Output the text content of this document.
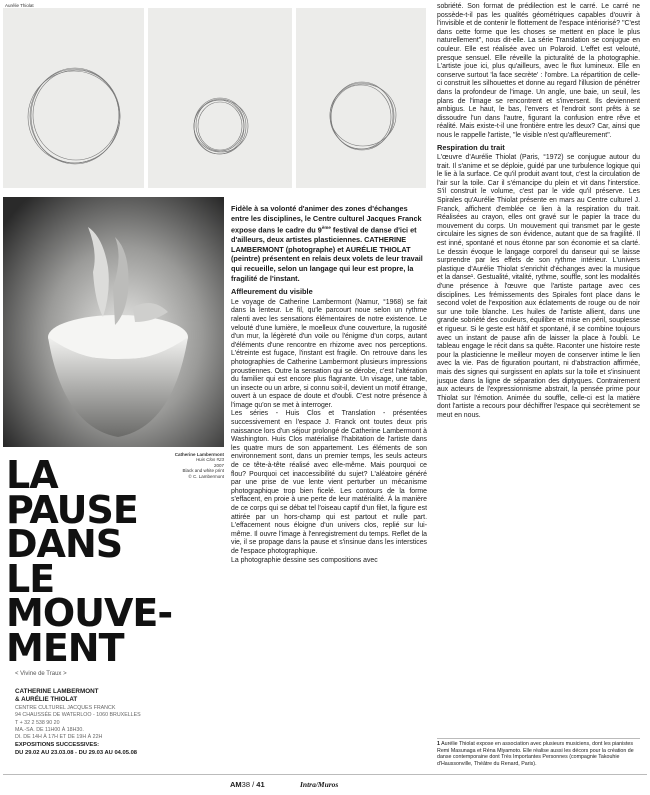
Aurélie Thiolat
Catherine Lambermont
Huis Clos #23
2007
Black and white print
© C. Lambermont
LA
PAUSE
DANS
LE
MOUVE-
MENT
< Vivine de Traux >
CATHERINE LAMBERMONT
& AURÉLIE THIOLAT
CENTRE CULTUREL JACQUES FRANCK
94 CHAUSSÉE DE WATERLOO - 1060 BRUXELLES
T + 32 2 538 90 20
MA.-SA. DE 11H00 À 18H30.
DI. DE 14H À 17H ET DE 19H À 22H
EXPOSITIONS SUCCESSIVES:
DU 29.02 AU 23.03.08 - DU 29.03 AU 04.05.08

Fidèle à sa volonté d'animer des zones d'échanges entre les disciplines, le Centre culturel Jacques Franck expose dans le cadre du 9ème festival de danse d'ici et d'ailleurs, deux artistes plasticiennes. CATHERINE LAMBERMONT (photographe) et AURÉLIE THIOLAT (peintre) présentent en relais deux volets de leur travail qui recueille, selon un langage qui leur est propre, la fragilité de l'instant.

Affleurement du visible

Le voyage de Catherine Lambermont (Namur, °1968) se fait dans la lenteur. Le fil, qu'le parcourt noue selon un rythme ralenti avec les sensations élémentaires de notre existence. Le velouté d'une lumière, le moelleux d'une couverture, la rugosité d'un mur, la légèreté d'un voile ou l'énigme d'un corps, autant d'éléments d'une rencontre en rhizome avec nos perceptions. L'étreinte est fugace, l'instant est fragile. On retrouve dans les photographies de Catherine Lambermont plusieurs impressions proustiennes. Outre la sensation qui se dérobe, c'est l'altération du familier qui est encore plus flagrante. Un visage, une table, un insecte ou un arbre, si connu soit-il, devient un motif étrange, ouvert à un espace de doute et d'oubli. C'est notre présence à l'image qu'on se met à interroger.

Les séries - Huis Clos et Translation - présentées successivement en l'espace J. Franck ont toutes deux pris naissance lors d'un séjour prolongé de Catherine Lambermont à Washington. Huis Clos matérialise l'habitation de l'artiste dans les quatre murs de son appartement. Les éléments de son environnement sont, dans un premier temps, les seuls acteurs de ce tête-à-tête réalisé avec elle-même. Mais pourquoi ce flou? Pourquoi cet inaccessibilité du sujet? L'aléatoire généré par une prise de vue lente vient perturber un mécanisme photographique trop bien ficelé. Les contours de la forme s'effacent, en proie à une perte de leur matérialité. À la manière de ce corps qui se débat tel l'oiseau captif d'un filet, la figure est attirée par un hors-champ qui est partout et nulle part. L'effacement nous éloigne d'un univers clos, replié sur lui-même. Il ouvre l'image à l'enregistrement du temps. Reflet de la vie, il se propage dans la pause et s'insinue dans les interstices de l'espace photographique.

La photographie dessine ses compositions avec

sobriété. Son format de prédilection est le carré. Le carré ne possède-t-il pas les qualités géométriques capables d'ouvrir à l'invisible et de contenir le flottement de l'espace intériorisé? "C'est dans cette forme que les choses se mettent en place le plus naturellement", nous dit-elle. La série Translation se conjugue en couleur. Elle est réalisée avec un Polaroid. L'effet est velouté, presque sensuel. Elle réveille la picturalité de la photographie. L'artiste joue ici, plus qu'ailleurs, avec le flux lumineux. Elle en conserve surtout 'la face secrète' : l'ombre. La répartition de celle-ci construit les silhouettes et donne au regard l'illusion de pénétrer dans la profondeur de l'image. Un angle, une baie, un seuil, les plans de l'image se rencontrent et s'inversent. Ils deviennent ambigus. Le haut, le bas, l'envers et l'endroit sont prêts à se dissoudre l'un dans l'autre, figurant la confusion entre rêve et réalité. Mais existe-t-il une frontière entre les deux? Car, ainsi que nous le rappelle l'artiste, "le visible n'est qu'affleurement".

Respiration du trait

L'œuvre d'Aurélie Thiolat (Paris, °1972) se conjugue autour du trait. Il s'anime et se déploie, guidé par une turbulence logique qui le lie à la surface. Ce qu'il produit avant tout, c'est la circulation de l'air sur la toile. Car il s'émancipe du plein et vit dans l'interstice. S'il construit le volume, c'est par le vide qu'il préserve. Les Spirales qu'Aurélie Thiolat présente en mars au Centre culturel J. Franck, affichent d'emblée ce lien à la respiration du trait. Réalisées au crayon, elles ont gravé sur le papier la trace du mouvement du corps. Un mouvement qui transmet par le geste circulaire les signes de son évidence, autant que de sa fragilité. Il est inné, spontané et nous étonne par son économie et sa clarté. Le dessin évoque le langage corporel du danseur qui se laisse surprendre par les effets de son rythme intérieur. L'univers plastique d'Aurélie Thiolat s'enrichit d'échanges avec la musique et la danse¹. Gestualité, vitalité, rythme, souffle, sont les modalités d'une présence à l'œuvre que l'artiste partage avec ces disciplines. Les frémissements des Spirales font place dans le second volet de l'exposition aux éclatements de rouge ou de noir sur une toile blanche. Les huiles de l'artiste allient, dans une grande sobriété des couleurs, équilibre et mise en péril, souplesse et rigueur. Si le geste est hâtif et spontané, il se combine toujours avec un instant de pause afin de laisser la place à l'oubli. Le tableau engage le récit dans sa quête. Raconter une histoire reste pour la plasticienne le meilleur moyen de conserver intime le lien avec la vie. Pas de figuration pourtant, ni d'abstraction affirmée, mais des signes qui surgissent en aplats sur la toile et s'insinuent jusque dans la ligne de séparation des diptyques. Contrairement aux acteurs de l'expressionnisme abstrait, la pensée prime pour Thiolat sur l'émotion. Animée du souffle, celle-ci est la matière dont l'artiste a recours pour déchiffrer l'espace qui secrètement se meut en nous.

1 Aurélie Thiolat expose en association avec plusieurs musiciens, dont les pianistes Remi Masunaga et Réna Miyamoto. Elle réalise aussi les décors pour la création de danse contemporaine dont Très Importantes Personnes (compagnie Takouhie d'Haussonville, Théâtre du Renard, Paris).
AM38 / 41	Intra/Muros
